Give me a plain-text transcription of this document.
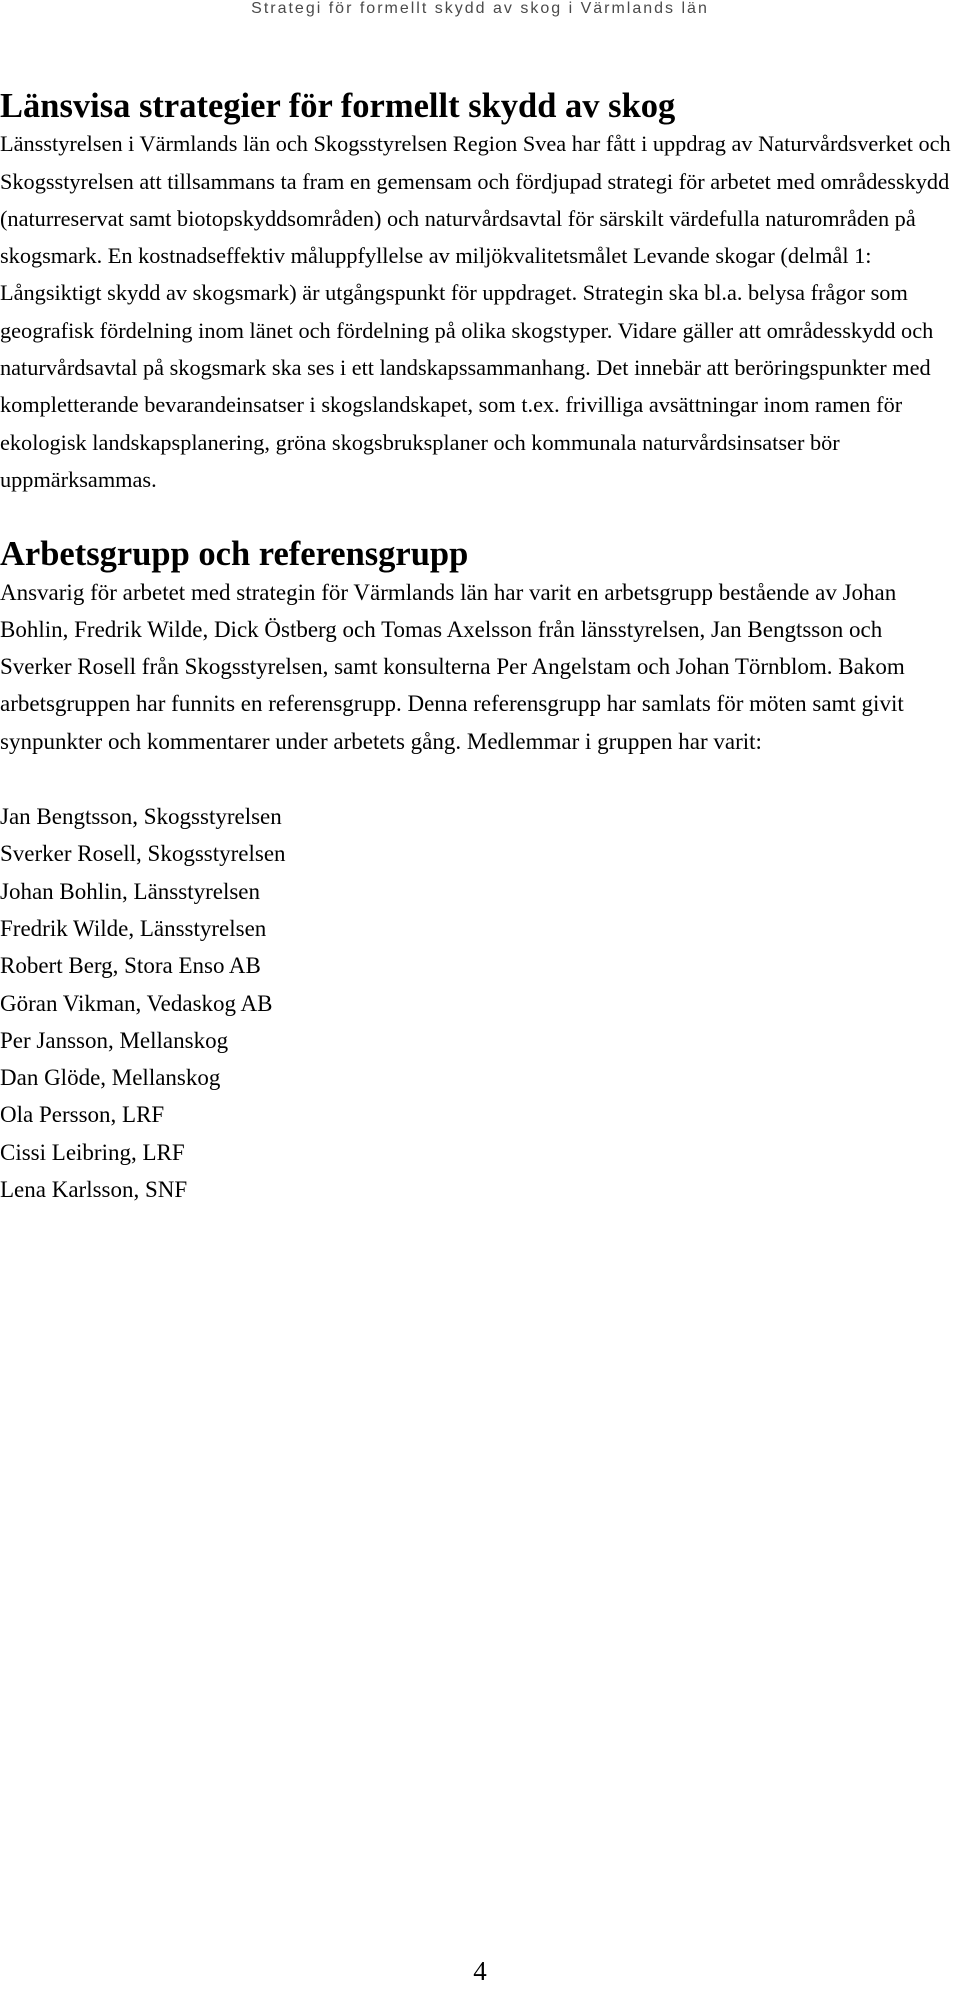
Strategi för formellt skydd av skog i Värmlands län
Länsvisa strategier för formellt skydd av skog

Länsstyrelsen i Värmlands län och Skogsstyrelsen Region Svea har fått i uppdrag av Naturvårdsverket och Skogsstyrelsen att tillsammans ta fram en gemensam och fördjupad strategi för arbetet med områdesskydd (naturreservat samt biotopskyddsområden) och naturvårdsavtal för särskilt värdefulla naturområden på skogsmark. En kostnadseffektiv måluppfyllelse av miljökvalitetsmålet Levande skogar (delmål 1: Långsiktigt skydd av skogsmark) är utgångspunkt för uppdraget. Strategin ska bl.a. belysa frågor som geografisk fördelning inom länet och fördelning på olika skogstyper. Vidare gäller att områdesskydd och naturvårdsavtal på skogsmark ska ses i ett landskapssammanhang. Det innebär att beröringspunkter med kompletterande bevarandeinsatser i skogslandskapet, som t.ex. frivilliga avsättningar inom ramen för ekologisk landskapsplanering, gröna skogsbruksplaner och kommunala naturvårdsinsatser bör uppmärksammas.

Arbetsgrupp och referensgrupp

Ansvarig för arbetet med strategin för Värmlands län har varit en arbetsgrupp bestående av Johan Bohlin, Fredrik Wilde, Dick Östberg och Tomas Axelsson från länsstyrelsen, Jan Bengtsson och Sverker Rosell från Skogsstyrelsen, samt konsulterna Per Angelstam och Johan Törnblom. Bakom arbetsgruppen har funnits en referensgrupp. Denna referensgrupp har samlats för möten samt givit synpunkter och kommentarer under arbetets gång. Medlemmar i gruppen har varit:

Jan Bengtsson, Skogsstyrelsen
Sverker Rosell, Skogsstyrelsen
Johan Bohlin, Länsstyrelsen
Fredrik Wilde, Länsstyrelsen
Robert Berg, Stora Enso AB
Göran Vikman, Vedaskog AB
Per Jansson, Mellanskog
Dan Glöde, Mellanskog
Ola Persson, LRF
Cissi Leibring, LRF
Lena Karlsson, SNF
4
